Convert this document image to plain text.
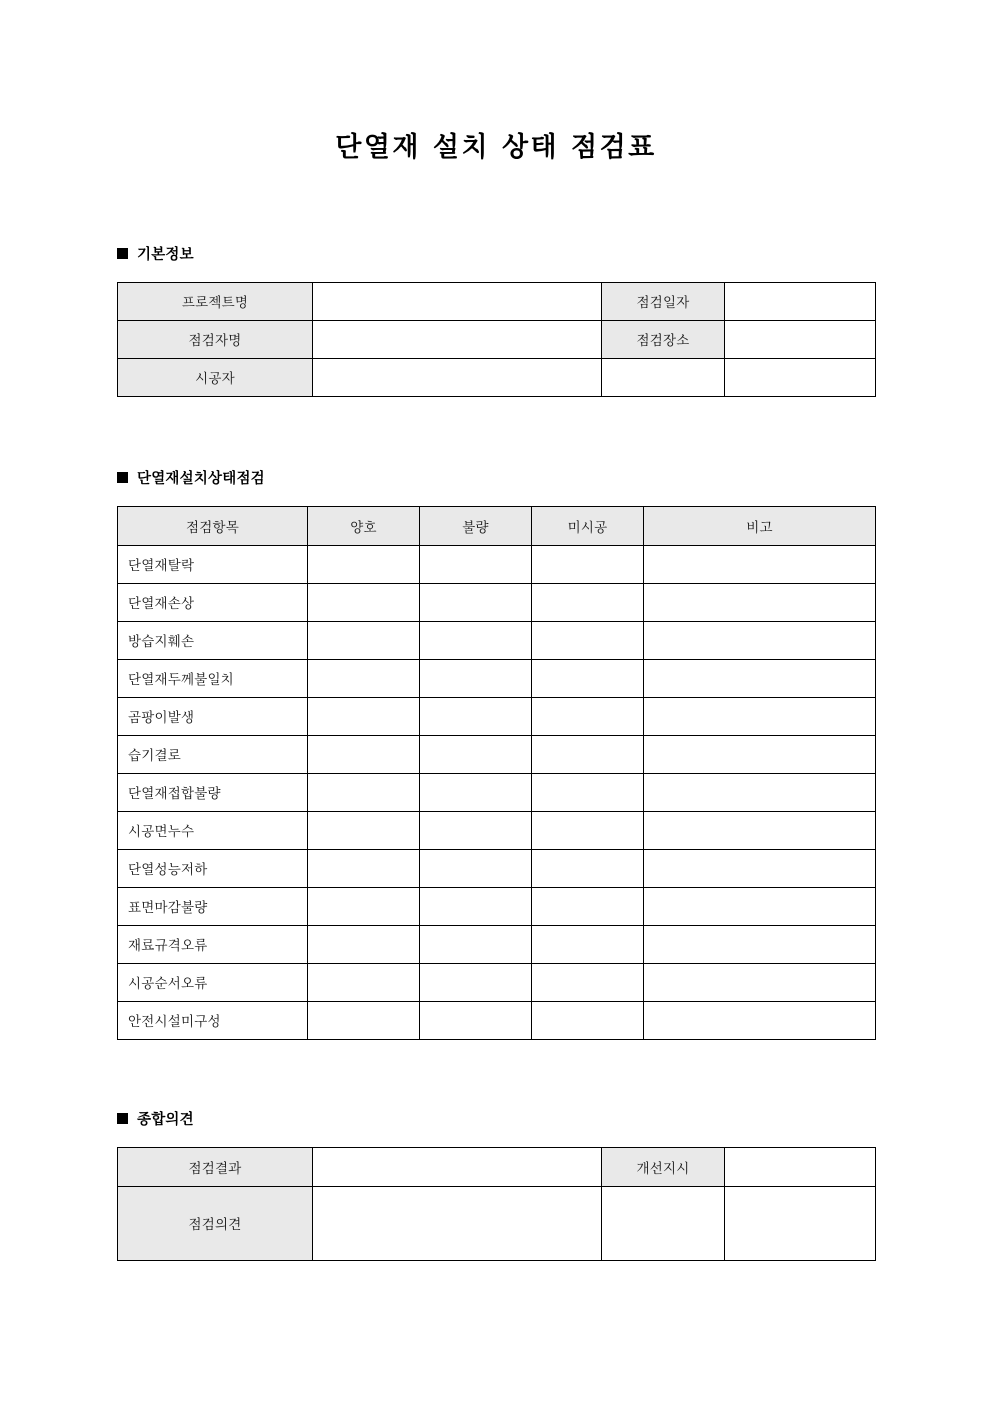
단열재 설치 상태 점검표
기본정보
프로젝트명		점검일자	
점검자명		점검장소	
시공자			
단열재설치상태점검
점검항목	양호	불량	미시공	비고
단열재탈락				
단열재손상				
방습지훼손				
단열재두께불일치				
곰팡이발생				
습기결로				
단열재접합불량				
시공면누수				
단열성능저하				
표면마감불량				
재료규격오류				
시공순서오류				
안전시설미구성				
종합의견
점검결과		개선지시	
점검의견			
